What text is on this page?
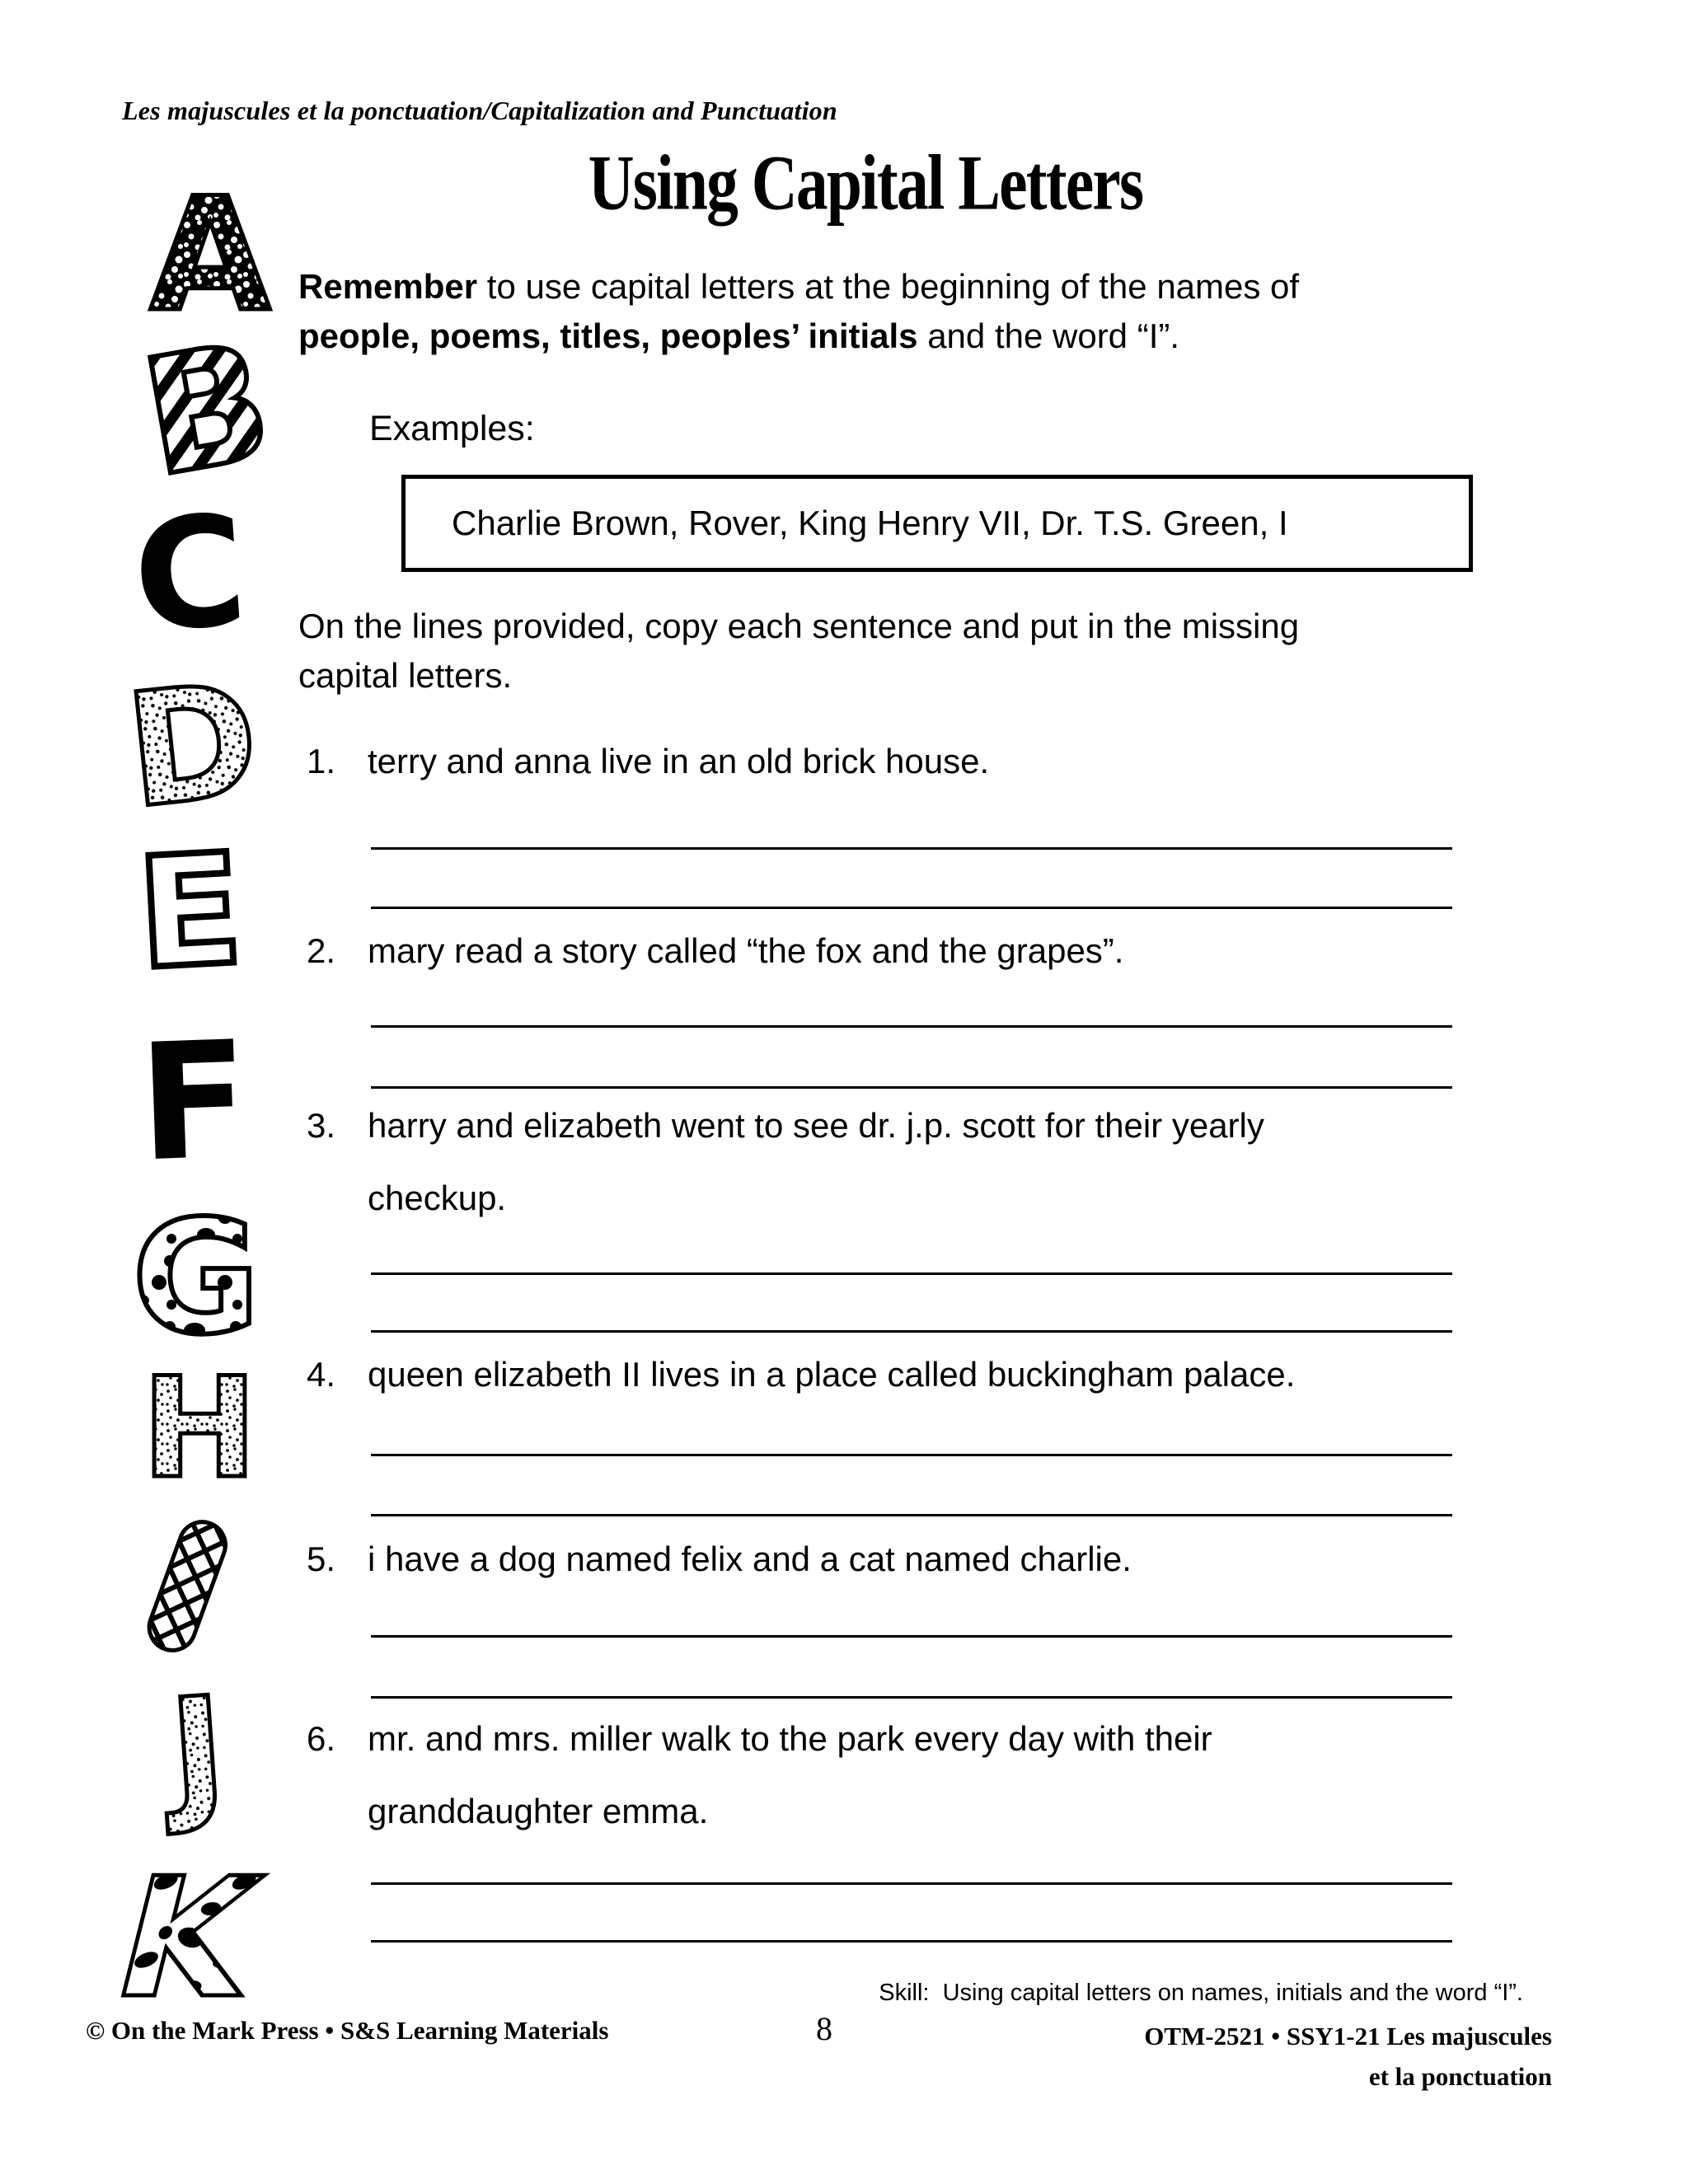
Les majuscules et la ponctuation/Capitalization and Punctuation
Using Capital Letters
A
B
C
D
E
F
G
H
J
K

Remember to use capital letters at the beginning of the names of
people, poems, titles, peoples’ initials and the word “I”.

Examples:
Charlie Brown, Rover, King Henry VII, Dr. T.S. Green, I

On the lines provided, copy each sentence and put in the missing
capital letters.

1. terry and anna live in an old brick house.
2. mary read a story called “the fox and the grapes”.
3. harry and elizabeth went to see dr. j.p. scott for their yearly
checkup.
4. queen elizabeth II lives in a place called buckingham palace.
5. i have a dog named felix and a cat named charlie.
6. mr. and mrs. miller walk to the park every day with their
granddaughter emma.
Skill:  Using capital letters on names, initials and the word “I”.
© On the Mark Press • S&S Learning Materials	8	OTM-2521 • SSY1-21 Les majuscules
et la ponctuation
